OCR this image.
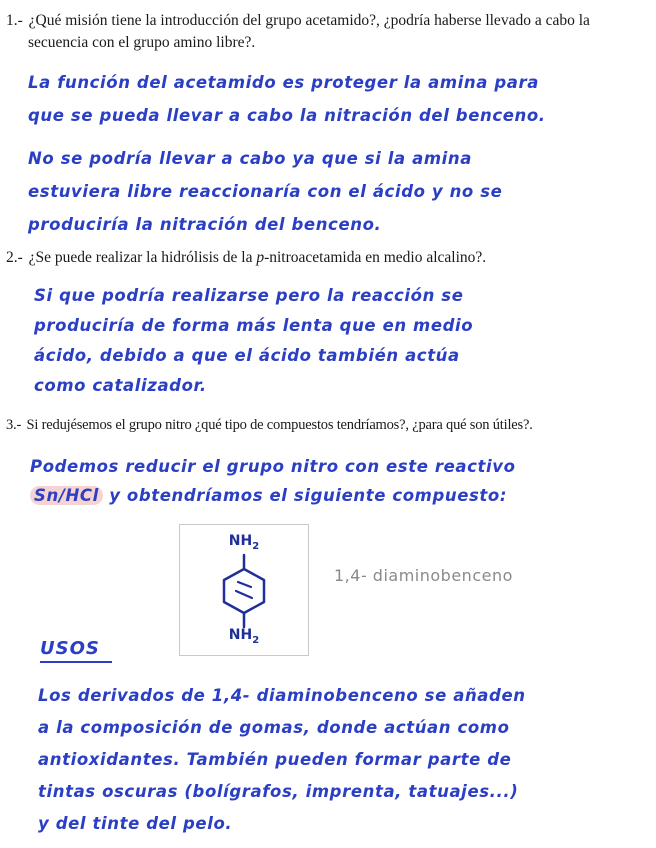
1.- ¿Qué misión tiene la introducción del grupo acetamido?, ¿podría haberse llevado a cabo la
secuencia con el grupo amino libre?.

La función del acetamido es proteger la amina para

que se pueda llevar a cabo la nitración del benceno.

No se podría llevar a cabo ya que si la amina

estuviera libre reaccionaría con el ácido y no se

produciría la nitración del benceno.

2.- ¿Se puede realizar la hidrólisis de la p-nitroacetamida en medio alcalino?.

Si que podría realizarse pero la reacción se

produciría de forma más lenta que en medio

ácido, debido a que el ácido también actúa

como catalizador.

3.- Si redujésemos el grupo nitro ¿qué tipo de compuestos tendríamos?, ¿para qué son útiles?.

Podemos reducir el grupo nitro con este reactivo

Sn/HCl y obtendríamos el siguiente compuesto:

$NH_2$
$NH_2$
1,4- diaminobenceno
USOS

Los derivados de 1,4- diaminobenceno se añaden

a la composición de gomas, donde actúan como

antioxidantes. También pueden formar parte de

tintas oscuras (bolígrafos, imprenta, tatuajes...)

y del tinte del pelo.
